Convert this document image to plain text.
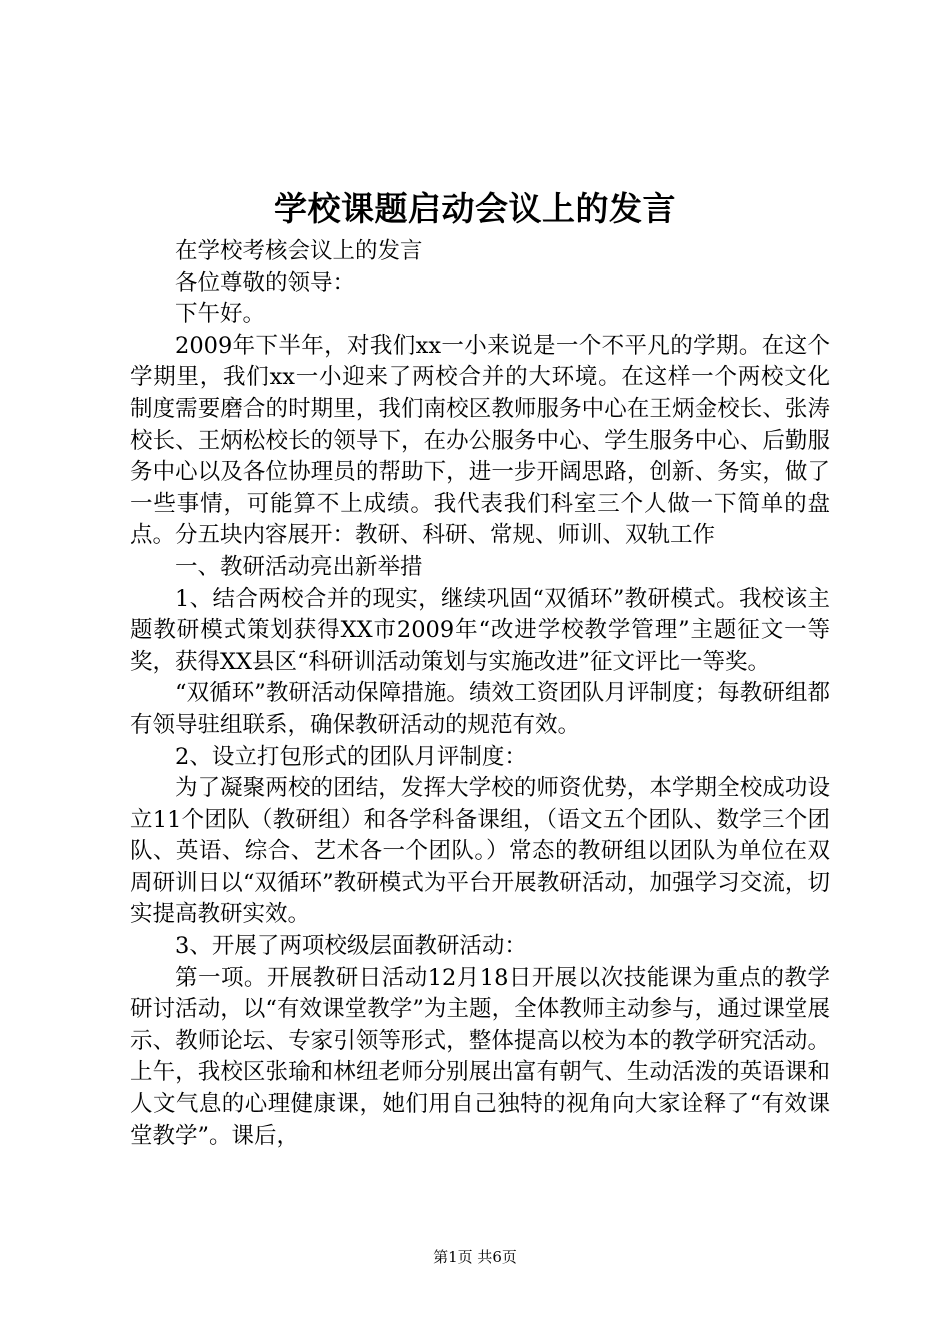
学校课题启动会议上的发言

在学校考核会议上的发言

各位尊敬的领导：

下午好。

2009年下半年，对我们xx一小来说是一个不平凡的学期。在这个学期里，我们xx一小迎来了两校合并的大环境。在这样一个两校文化制度需要磨合的时期里，我们南校区教师服务中心在王炳金校长、张涛校长、王炳松校长的领导下，在办公服务中心、学生服务中心、后勤服务中心以及各位协理员的帮助下，进一步开阔思路，创新、务实，做了一些事情，可能算不上成绩。我代表我们科室三个人做一下简单的盘点。分五块内容展开：教研、科研、常规、师训、双轨工作

一、教研活动亮出新举措

1、结合两校合并的现实，继续巩固“双循环”教研模式。我校该主题教研模式策划获得XX市2009年“改进学校教学管理”主题征文一等奖，获得XX县区“科研训活动策划与实施改进”征文评比一等奖。

“双循环”教研活动保障措施。绩效工资团队月评制度；每教研组都有领导驻组联系，确保教研活动的规范有效。

2、设立打包形式的团队月评制度：

为了凝聚两校的团结，发挥大学校的师资优势，本学期全校成功设立11个团队（教研组）和各学科备课组，（语文五个团队、数学三个团队、英语、综合、艺术各一个团队。）常态的教研组以团队为单位在双周研训日以“双循环”教研模式为平台开展教研活动，加强学习交流，切实提高教研实效。

3、开展了两项校级层面教研活动：

第一项。开展教研日活动12月18日开展以次技能课为重点的教学研讨活动，以“有效课堂教学”为主题，全体教师主动参与，通过课堂展示、教师论坛、专家引领等形式，整体提高以校为本的教学研究活动。上午，我校区张瑜和林纽老师分别展出富有朝气、生动活泼的英语课和人文气息的心理健康课，她们用自己独特的视角向大家诠释了“有效课堂教学”。课后，

第1页 共6页
